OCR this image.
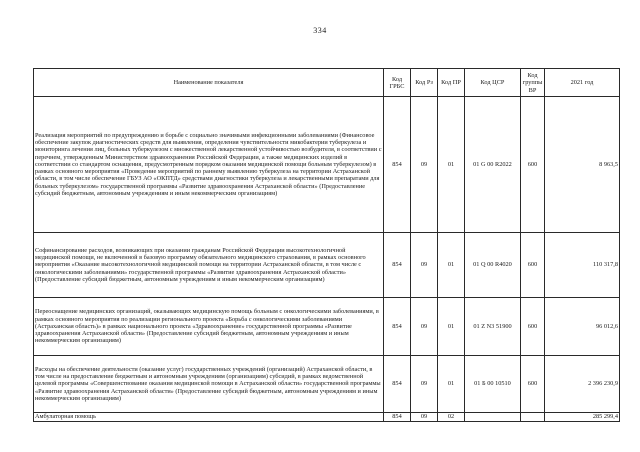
334
Наименование показателя	Код ГРБС	Код Рз	Код ПР	Код ЦСР	Код группы ВР	2021 год
Реализация мероприятий по предупреждению и борьбе с социально значимыми инфекционными заболеваниями (Финансовое обеспечение закупок диагностических средств для выявления, определения чувствительности микобактерии туберкулеза и мониторинга лечения лиц, больных туберкулезом с множественной лекарственной устойчивостью возбудителя, в соответствии с перечнем, утвержденным Министерством здравоохранения Российской Федерации, а также медицинских изделий в соответствии со стандартом оснащения, предусмотренным порядком оказания медицинской помощи больным туберкулезом) в рамках основного мероприятия «Проведение мероприятий по раннему выявлению туберкулеза на территории Астраханской области, в том числе обеспечение ГБУЗ АО «ОКПТД» средствами диагностики туберкулеза и лекарственными препаратами для больных туберкулезом» государственной программы «Развитие здравоохранения Астраханской области» (Предоставление субсидий бюджетным, автономным учреждениям и иным некоммерческим организациям)	854	09	01	01 G 00 R2022	600	8 963,5
Софинансирование расходов, возникающих при оказании гражданам Российской Федерации высокотехнологичной медицинской помощи, не включенной в базовую программу обязательного медицинского страхования, в рамках основного мероприятия «Оказание высокотехнологичной медицинской помощи на территории Астраханской области, в том числе с онкологическими заболеваниями» государственной программы «Развитие здравоохранения Астраханской области» (Предоставление субсидий бюджетным, автономным учреждениям и иным некоммерческим организациям)	854	09	01	01 Q 00 R4020	600	110 317,8
Переоснащение медицинских организаций, оказывающих медицинскую помощь больным с онкологическими заболеваниями, в рамках основного мероприятия по реализации регионального проекта «Борьба с онкологическими заболеваниями (Астраханская область)» в рамках национального проекта «Здравоохранение» государственной программы «Развитие здравоохранения Астраханской области» (Предоставление субсидий бюджетным, автономным учреждениям и иным некоммерческим организациям)	854	09	01	01 Z N3 51900	600	96 012,6
Расходы на обеспечение деятельности (оказание услуг) государственных учреждений (организаций) Астраханской области, в том числе на предоставление бюджетным и автономным учреждениям (организациям) субсидий, в рамках ведомственной целевой программы «Совершенствование оказания медицинской помощи в Астраханской области» государственной программы «Развитие здравоохранения Астраханской области» (Предоставление субсидий бюджетным, автономным учреждениям и иным некоммерческим организациям)	854	09	01	01 Б 00 10510	600	2 396 230,9
Амбулаторная помощь	854	09	02			285 299,4
